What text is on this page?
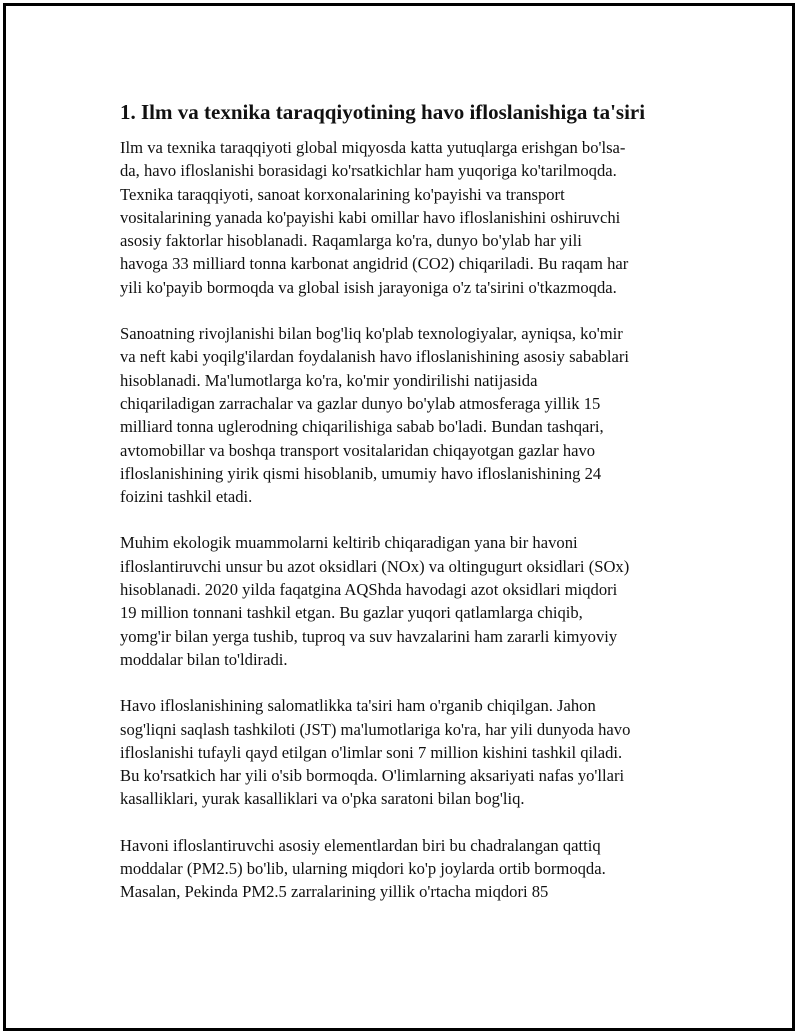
1. Ilm va texnika taraqqiyotining havo ifloslanishiga ta'siri

Ilm va texnika taraqqiyoti global miqyosda katta yutuqlarga erishgan bo'lsa-
da, havo ifloslanishi borasidagi ko'rsatkichlar ham yuqoriga ko'tarilmoqda.
Texnika taraqqiyoti, sanoat korxonalarining ko'payishi va transport
vositalarining yanada ko'payishi kabi omillar havo ifloslanishini oshiruvchi
asosiy faktorlar hisoblanadi. Raqamlarga ko'ra, dunyo bo'ylab har yili
havoga 33 milliard tonna karbonat angidrid (CO2) chiqariladi. Bu raqam har
yili ko'payib bormoqda va global isish jarayoniga o'z ta'sirini o'tkazmoqda.

Sanoatning rivojlanishi bilan bog'liq ko'plab texnologiyalar, ayniqsa, ko'mir
va neft kabi yoqilg'ilardan foydalanish havo ifloslanishining asosiy sabablari
hisoblanadi. Ma'lumotlarga ko'ra, ko'mir yondirilishi natijasida
chiqariladigan zarrachalar va gazlar dunyo bo'ylab atmosferaga yillik 15
milliard tonna uglerodning chiqarilishiga sabab bo'ladi. Bundan tashqari,
avtomobillar va boshqa transport vositalaridan chiqayotgan gazlar havo
ifloslanishining yirik qismi hisoblanib, umumiy havo ifloslanishining 24
foizini tashkil etadi.

Muhim ekologik muammolarni keltirib chiqaradigan yana bir havoni
ifloslantiruvchi unsur bu azot oksidlari (NOx) va oltingugurt oksidlari (SOx)
hisoblanadi. 2020 yilda faqatgina AQShda havodagi azot oksidlari miqdori
19 million tonnani tashkil etgan. Bu gazlar yuqori qatlamlarga chiqib,
yomg'ir bilan yerga tushib, tuproq va suv havzalarini ham zararli kimyoviy
moddalar bilan to'ldiradi.

Havo ifloslanishining salomatlikka ta'siri ham o'rganib chiqilgan. Jahon
sog'liqni saqlash tashkiloti (JST) ma'lumotlariga ko'ra, har yili dunyoda havo
ifloslanishi tufayli qayd etilgan o'limlar soni 7 million kishini tashkil qiladi.
Bu ko'rsatkich har yili o'sib bormoqda. O'limlarning aksariyati nafas yo'llari
kasalliklari, yurak kasalliklari va o'pka saratoni bilan bog'liq.

Havoni ifloslantiruvchi asosiy elementlardan biri bu chadralangan qattiq
moddalar (PM2.5) bo'lib, ularning miqdori ko'p joylarda ortib bormoqda.
Masalan, Pekinda PM2.5 zarralarining yillik o'rtacha miqdori 85
